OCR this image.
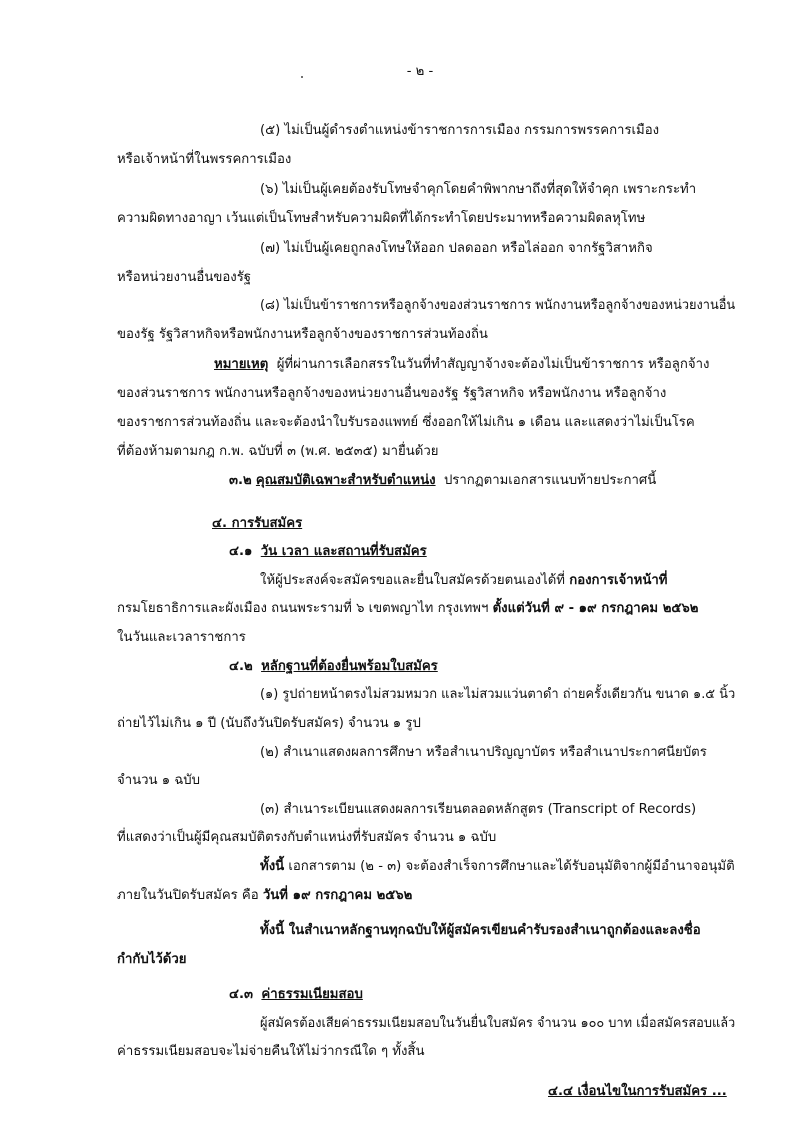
- ๒ -
(๕) ไม่เป็นผู้ดำรงตำแหน่งข้าราชการการเมือง กรรมการพรรคการเมือง
หรือเจ้าหน้าที่ในพรรคการเมือง
(๖) ไม่เป็นผู้เคยต้องรับโทษจำคุกโดยคำพิพากษาถึงที่สุดให้จำคุก เพราะกระทำ
ความผิดทางอาญา เว้นแต่เป็นโทษสำหรับความผิดที่ได้กระทำโดยประมาทหรือความผิดลหุโทษ
(๗) ไม่เป็นผู้เคยถูกลงโทษให้ออก ปลดออก หรือไล่ออก จากรัฐวิสาหกิจ
หรือหน่วยงานอื่นของรัฐ
(๘) ไม่เป็นข้าราชการหรือลูกจ้างของส่วนราชการ พนักงานหรือลูกจ้างของหน่วยงานอื่น
ของรัฐ รัฐวิสาหกิจหรือพนักงานหรือลูกจ้างของราชการส่วนท้องถิ่น
หมายเหตุ ผู้ที่ผ่านการเลือกสรรในวันที่ทำสัญญาจ้างจะต้องไม่เป็นข้าราชการ หรือลูกจ้าง
ของส่วนราชการ พนักงานหรือลูกจ้างของหน่วยงานอื่นของรัฐ รัฐวิสาหกิจ หรือพนักงาน หรือลูกจ้าง
ของราชการส่วนท้องถิ่น และจะต้องนำใบรับรองแพทย์ ซึ่งออกให้ไม่เกิน ๑ เดือน และแสดงว่าไม่เป็นโรค
ที่ต้องห้ามตามกฎ ก.พ. ฉบับที่ ๓ (พ.ศ. ๒๕๓๕) มายื่นด้วย
๓.๒ คุณสมบัติเฉพาะสำหรับตำแหน่ง ปรากฏตามเอกสารแนบท้ายประกาศนี้
๔. การรับสมัคร
๔.๑ วัน เวลา และสถานที่รับสมัคร
ให้ผู้ประสงค์จะสมัครขอและยื่นใบสมัครด้วยตนเองได้ที่ กองการเจ้าหน้าที่
กรมโยธาธิการและผังเมือง ถนนพระรามที่ ๖ เขตพญาไท กรุงเทพฯ ตั้งแต่วันที่ ๙ - ๑๙ กรกฎาคม ๒๕๖๒
ในวันและเวลาราชการ
๔.๒ หลักฐานที่ต้องยื่นพร้อมใบสมัคร
(๑) รูปถ่ายหน้าตรงไม่สวมหมวก และไม่สวมแว่นตาดำ ถ่ายครั้งเดียวกัน ขนาด ๑.๕ นิ้ว
ถ่ายไว้ไม่เกิน ๑ ปี (นับถึงวันปิดรับสมัคร) จำนวน ๑ รูป
(๒) สำเนาแสดงผลการศึกษา หรือสำเนาปริญญาบัตร หรือสำเนาประกาศนียบัตร
จำนวน ๑ ฉบับ
(๓) สำเนาระเบียนแสดงผลการเรียนตลอดหลักสูตร (Transcript of Records)
ที่แสดงว่าเป็นผู้มีคุณสมบัติตรงกับตำแหน่งที่รับสมัคร จำนวน ๑ ฉบับ
ทั้งนี้ เอกสารตาม (๒ - ๓) จะต้องสำเร็จการศึกษาและได้รับอนุมัติจากผู้มีอำนาจอนุมัติ
ภายในวันปิดรับสมัคร คือ วันที่ ๑๙ กรกฎาคม ๒๕๖๒
ทั้งนี้ ในสำเนาหลักฐานทุกฉบับให้ผู้สมัครเขียนคำรับรองสำเนาถูกต้องและลงชื่อ
กำกับไว้ด้วย
๔.๓ ค่าธรรมเนียมสอบ
ผู้สมัครต้องเสียค่าธรรมเนียมสอบในวันยื่นใบสมัคร จำนวน ๑๐๐ บาท เมื่อสมัครสอบแล้ว
ค่าธรรมเนียมสอบจะไม่จ่ายคืนให้ไม่ว่ากรณีใด ๆ ทั้งสิ้น
๔.๔ เงื่อนไขในการรับสมัคร ...
